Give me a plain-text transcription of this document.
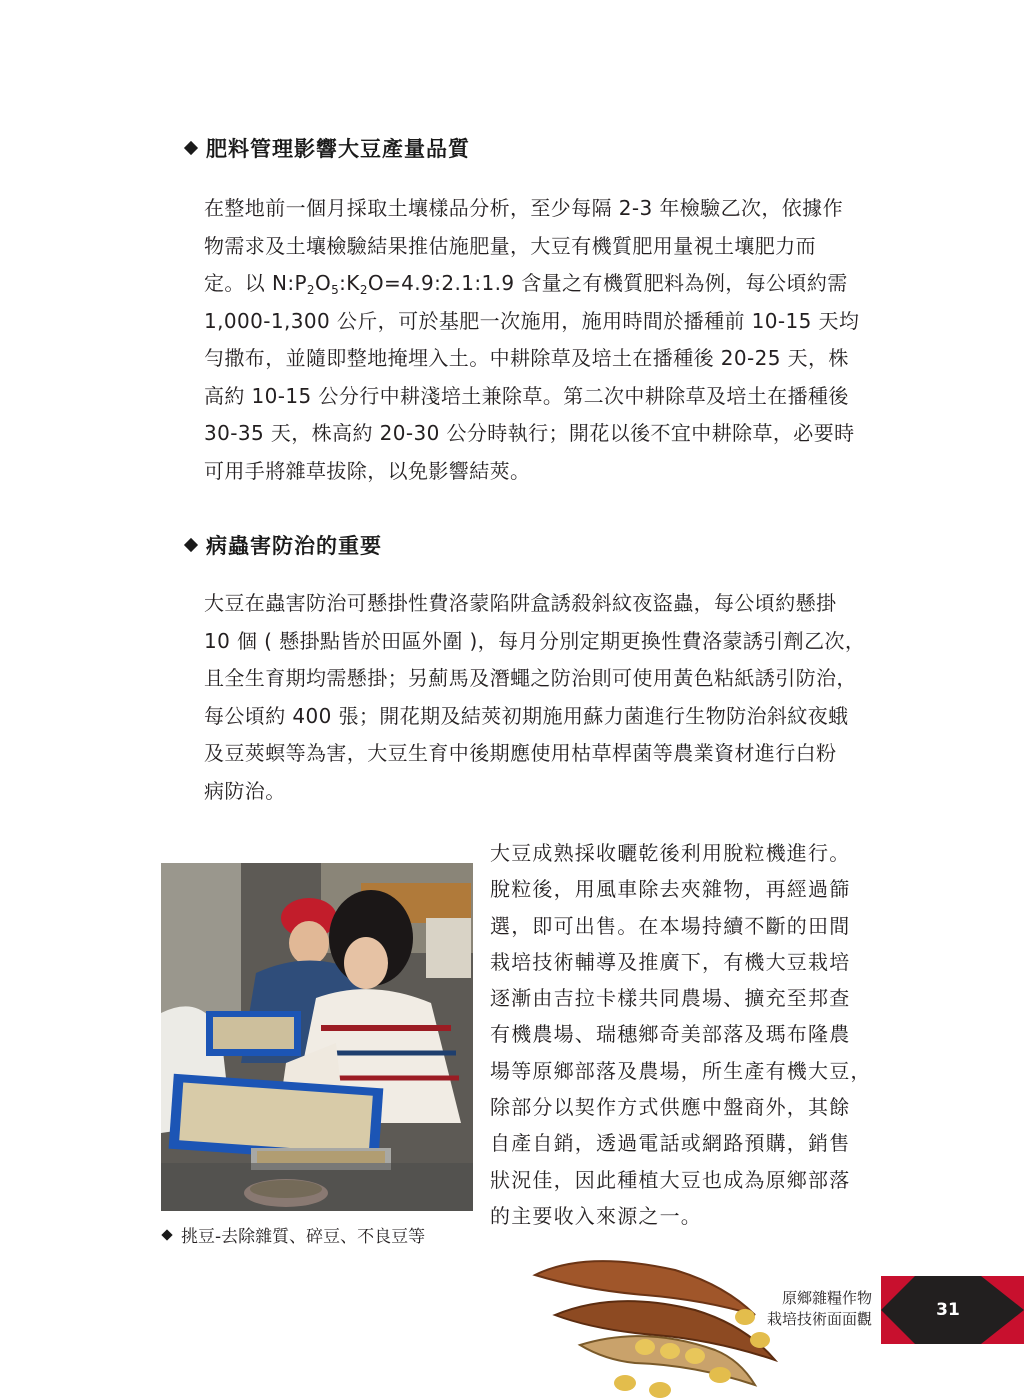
肥料管理影響大豆產量品質
在整地前一個月採取土壤樣品分析，至少每隔 2-3 年檢驗乙次，依據作
物需求及土壤檢驗結果推估施肥量，大豆有機質肥用量視土壤肥力而
定。以 $N:P_2O_5:K_2O=4.9:2.1:1.9$ 含量之有機質肥料為例，每公頃約需
1,000-1,300 公斤，可於基肥一次施用，施用時間於播種前 10-15 天均
勻撒布，並隨即整地掩埋入土。中耕除草及培土在播種後 20-25 天，株
高約 10-15 公分行中耕淺培土兼除草。第二次中耕除草及培土在播種後
30-35 天，株高約 20-30 公分時執行；開花以後不宜中耕除草，必要時
可用手將雜草拔除，以免影響結莢。
病蟲害防治的重要
大豆在蟲害防治可懸掛性費洛蒙陷阱盒誘殺斜紋夜盜蟲，每公頃約懸掛
10 個 ( 懸掛點皆於田區外圍 )，每月分別定期更換性費洛蒙誘引劑乙次，
且全生育期均需懸掛；另薊馬及潛蠅之防治則可使用黃色粘紙誘引防治，
每公頃約 400 張；開花期及結莢初期施用蘇力菌進行生物防治斜紋夜蛾
及豆莢螟等為害，大豆生育中後期應使用枯草桿菌等農業資材進行白粉
病防治。
挑豆-去除雜質、碎豆、不良豆等
大豆成熟採收曬乾後利用脫粒機進行。
脫粒後，用風車除去夾雜物，再經過篩
選，即可出售。在本場持續不斷的田間
栽培技術輔導及推廣下，有機大豆栽培
逐漸由吉拉卡樣共同農場、擴充至邦查
有機農場、瑞穗鄉奇美部落及瑪布隆農
場等原鄉部落及農場，所生產有機大豆，
除部分以契作方式供應中盤商外，其餘
自產自銷，透過電話或網路預購，銷售
狀況佳，因此種植大豆也成為原鄉部落
的主要收入來源之一。
原鄉雜糧作物
栽培技術面面觀	31
